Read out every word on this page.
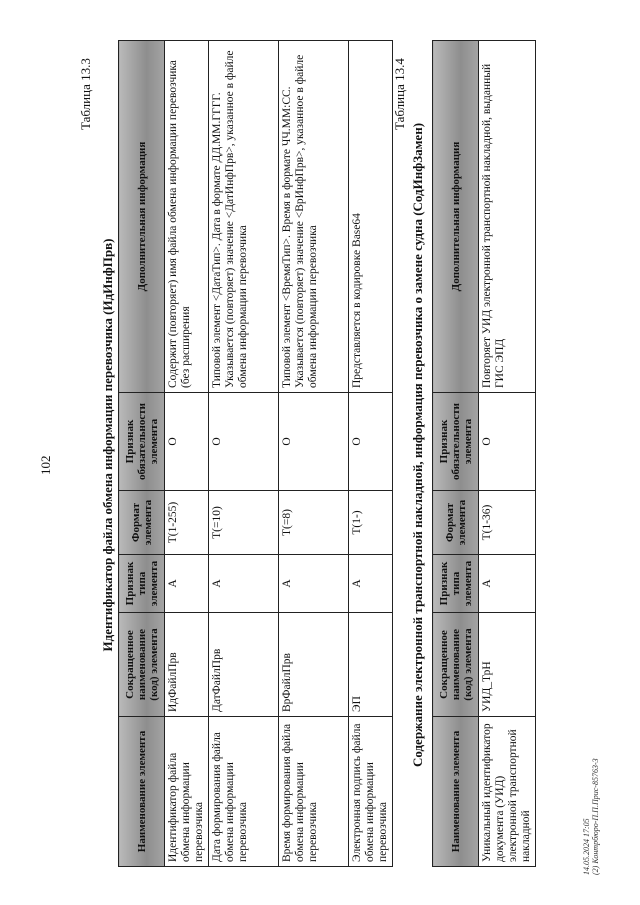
102
Таблица 13.3
Идентификатор файла обмена информации перевозчика (ИдИнфПрв)
Наименование элемента	Сокращенное наименование (код) элемента	Признак типа элемента	Формат элемента	Признак обязательности элемента	Дополнительная информация
Идентификатор файла обмена информации перевозчика	ИдФайлПрв	А	T(1-255)	О	Содержит (повторяет) имя файла обмена информации перевозчика (без расширения
Дата формирования файла обмена информации перевозчика	ДатФайлПрв	А	T(=10)	О	Типовой элемент <ДатаТип>. Дата в формате ДД.ММ.ГГГГ. Указывается (повторяет) значение <ДатИнфПрв>, указанное в файле обмена информации перевозчика
Время формирования файла обмена информации перевозчика	ВрФайлПрв	А	T(=8)	О	Типовой элемент <ВремяТип>. Время в формате ЧЧ.ММ:СС. Указывается (повторяет) значение <ВрИнфПрв>, указанное в файле обмена информации перевозчика
Электронная подпись файла обмена информации перевозчика	ЭП	А	T(1-)	О	Представляется в кодировке Base64
Таблица 13.4
Содержание электронной транспортной накладной, информация перевозчика о замене судна (СодИнфЗамен)
Наименование элемента	Сокращенное наименование (код) элемента	Признак типа элемента	Формат элемента	Признак обязательности элемента	Дополнительная информация
Уникальный идентификатор документа (УИД) электронной транспортной накладной	УИД_ТрН	А	T(1-36)	О	Повторяет УИД электронной транспортной накладной, выданный ГИС ЭПД
14.05.2024 17:05 (2) Контрбюро-П.П.Прис-85763-3
